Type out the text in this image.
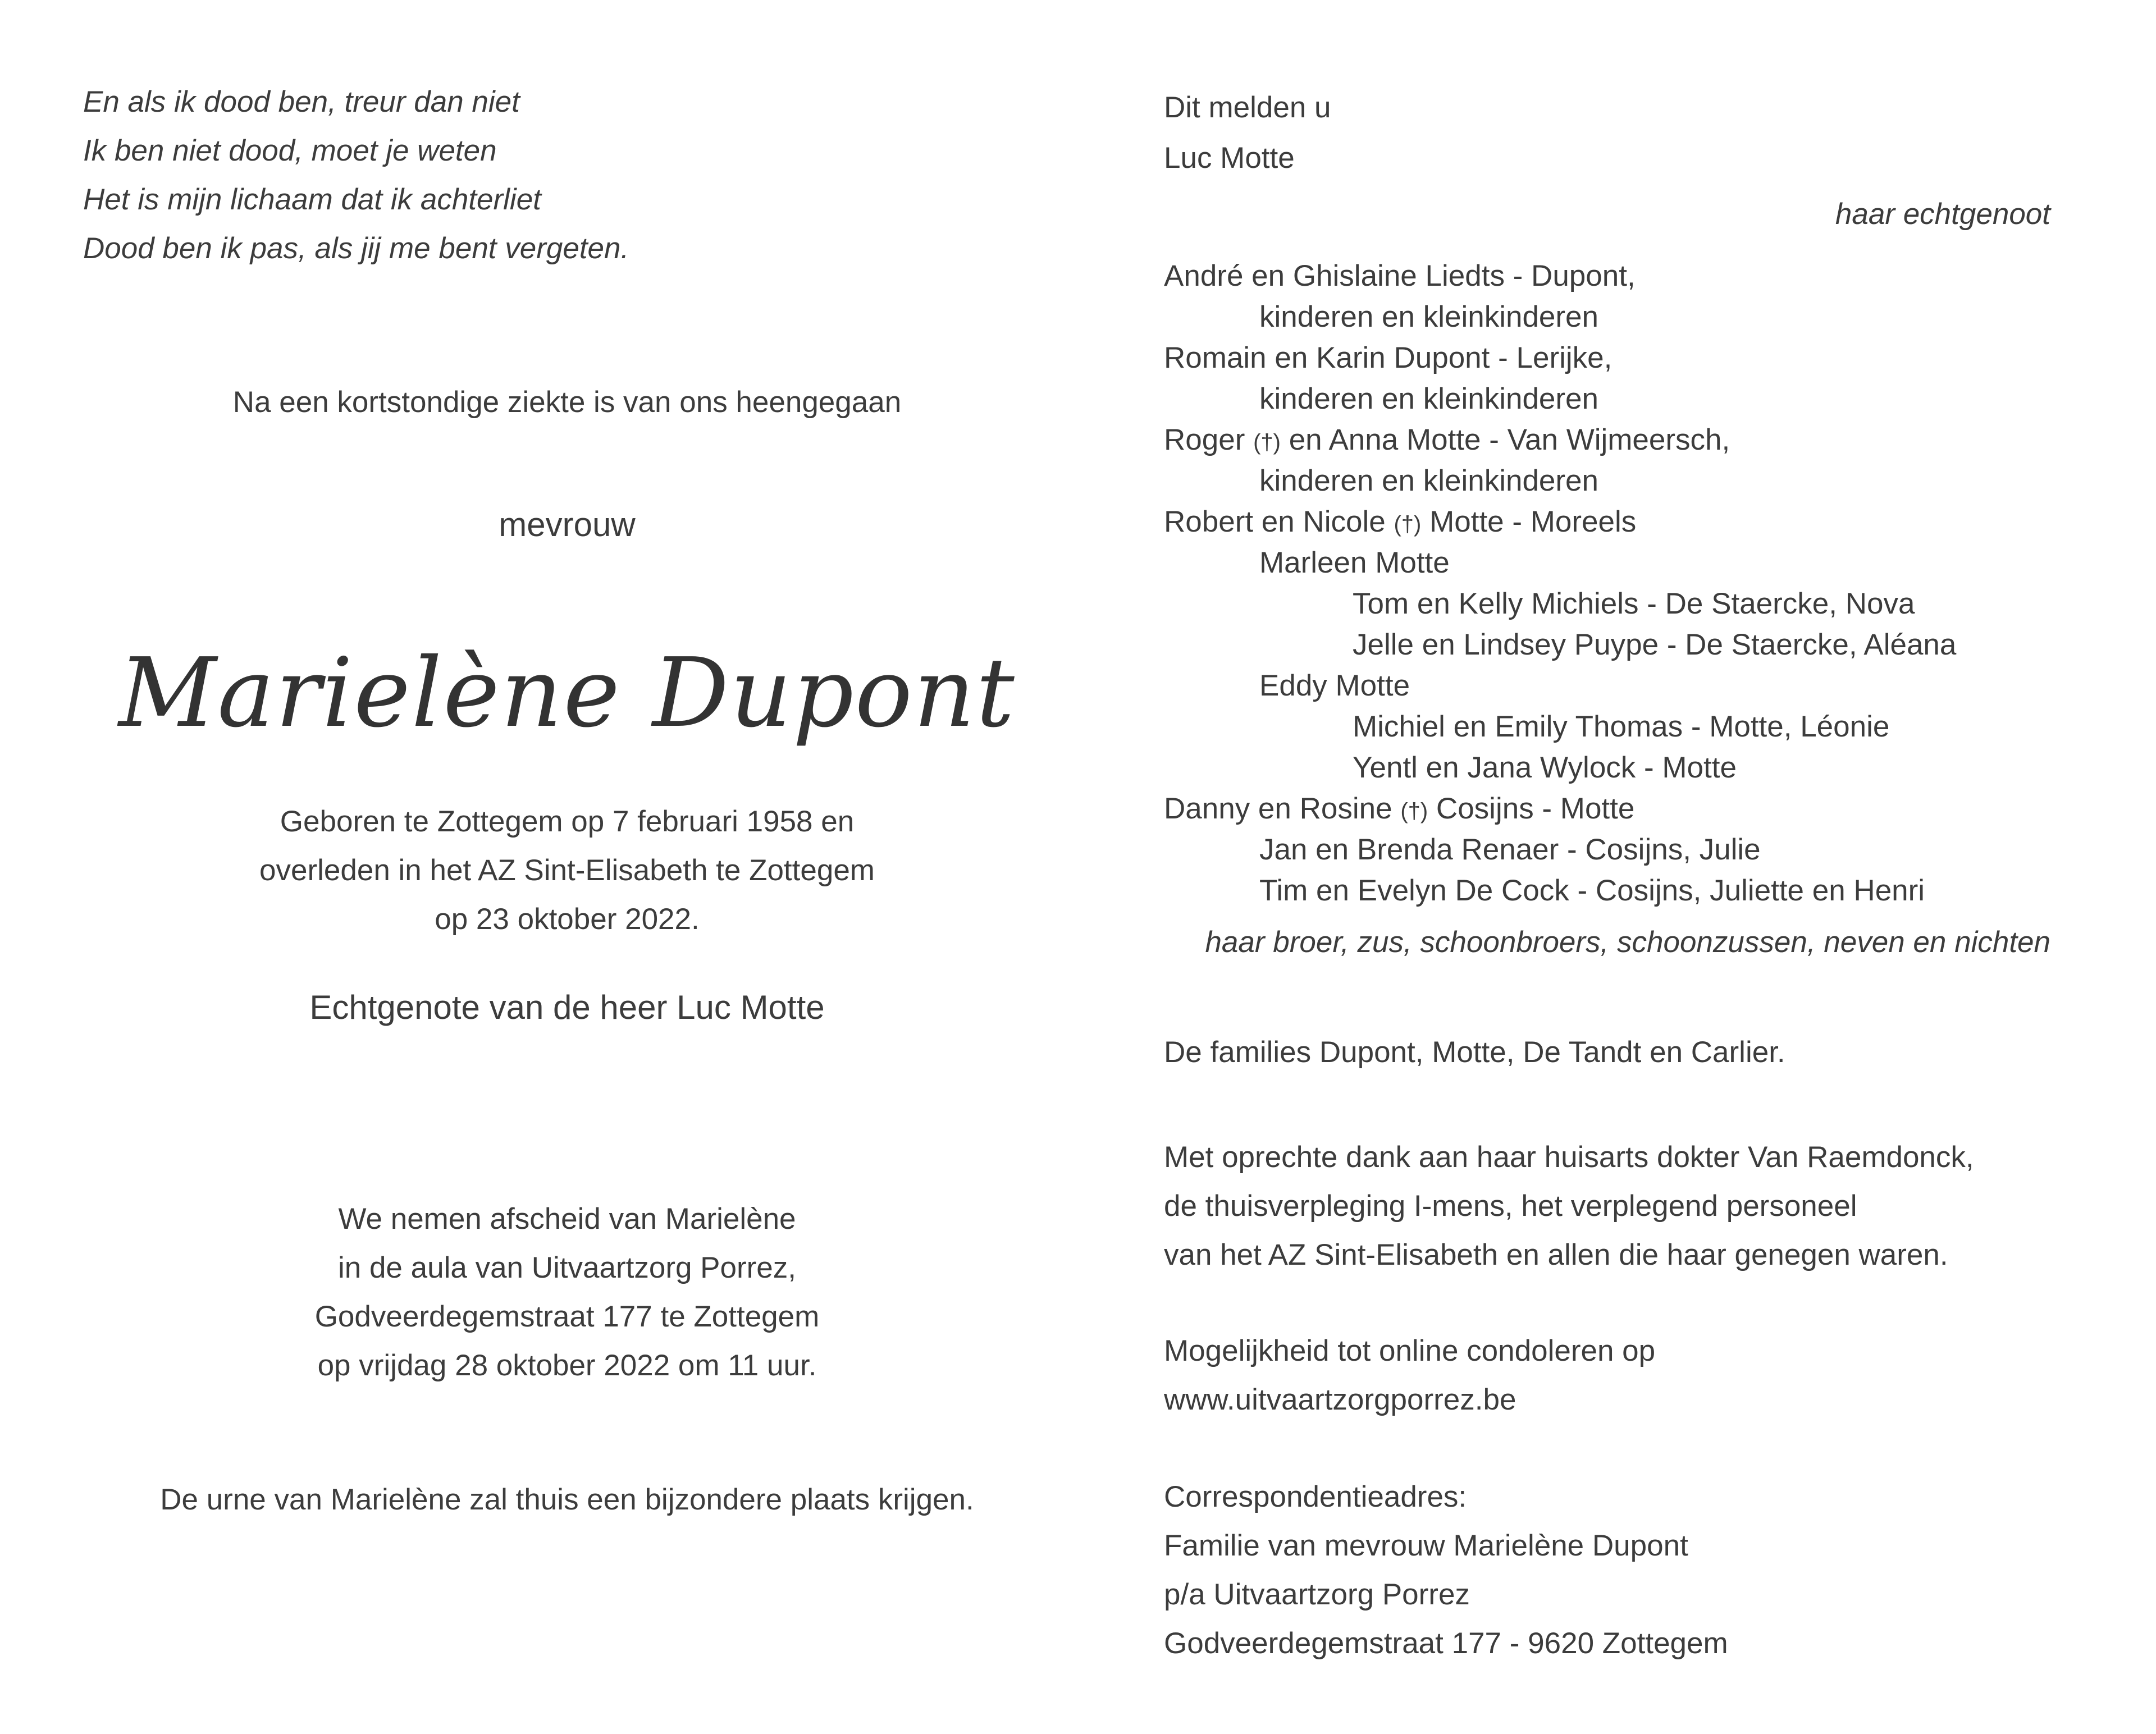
En als ik dood ben, treur dan niet
Ik ben niet dood, moet je weten
Het is mijn lichaam dat ik achterliet
Dood ben ik pas, als jij me bent vergeten.
Na een kortstondige ziekte is van ons heengegaan
mevrouw
Marielène Dupont
Geboren te Zottegem op 7 februari 1958 en
overleden in het AZ Sint-Elisabeth te Zottegem
op 23 oktober 2022.
Echtgenote van de heer Luc Motte
We nemen afscheid van Marielène
in de aula van Uitvaartzorg Porrez,
Godveerdegemstraat 177 te Zottegem
op vrijdag 28 oktober 2022 om 11 uur.
De urne van Marielène zal thuis een bijzondere plaats krijgen.
Dit melden u
Luc Motte
haar echtgenoot
André en Ghislaine Liedts - Dupont,
kinderen en kleinkinderen
Romain en Karin Dupont - Lerijke,
kinderen en kleinkinderen
Roger (†) en Anna Motte - Van Wijmeersch,
kinderen en kleinkinderen
Robert en Nicole (†) Motte - Moreels
Marleen Motte
Tom en Kelly Michiels - De Staercke, Nova
Jelle en Lindsey Puype - De Staercke, Aléana
Eddy Motte
Michiel en Emily Thomas - Motte, Léonie
Yentl en Jana Wylock - Motte
Danny en Rosine (†) Cosijns - Motte
Jan en Brenda Renaer - Cosijns, Julie
Tim en Evelyn De Cock - Cosijns, Juliette en Henri
haar broer, zus, schoonbroers, schoonzussen, neven en nichten
De families Dupont, Motte, De Tandt en Carlier.
Met oprechte dank aan haar huisarts dokter Van Raemdonck,
de thuisverpleging I-mens, het verplegend personeel
van het AZ Sint-Elisabeth en allen die haar genegen waren.
Mogelijkheid tot online condoleren op
www.uitvaartzorgporrez.be
Correspondentieadres:
Familie van mevrouw Marielène Dupont
p/a Uitvaartzorg Porrez
Godveerdegemstraat 177 - 9620 Zottegem
